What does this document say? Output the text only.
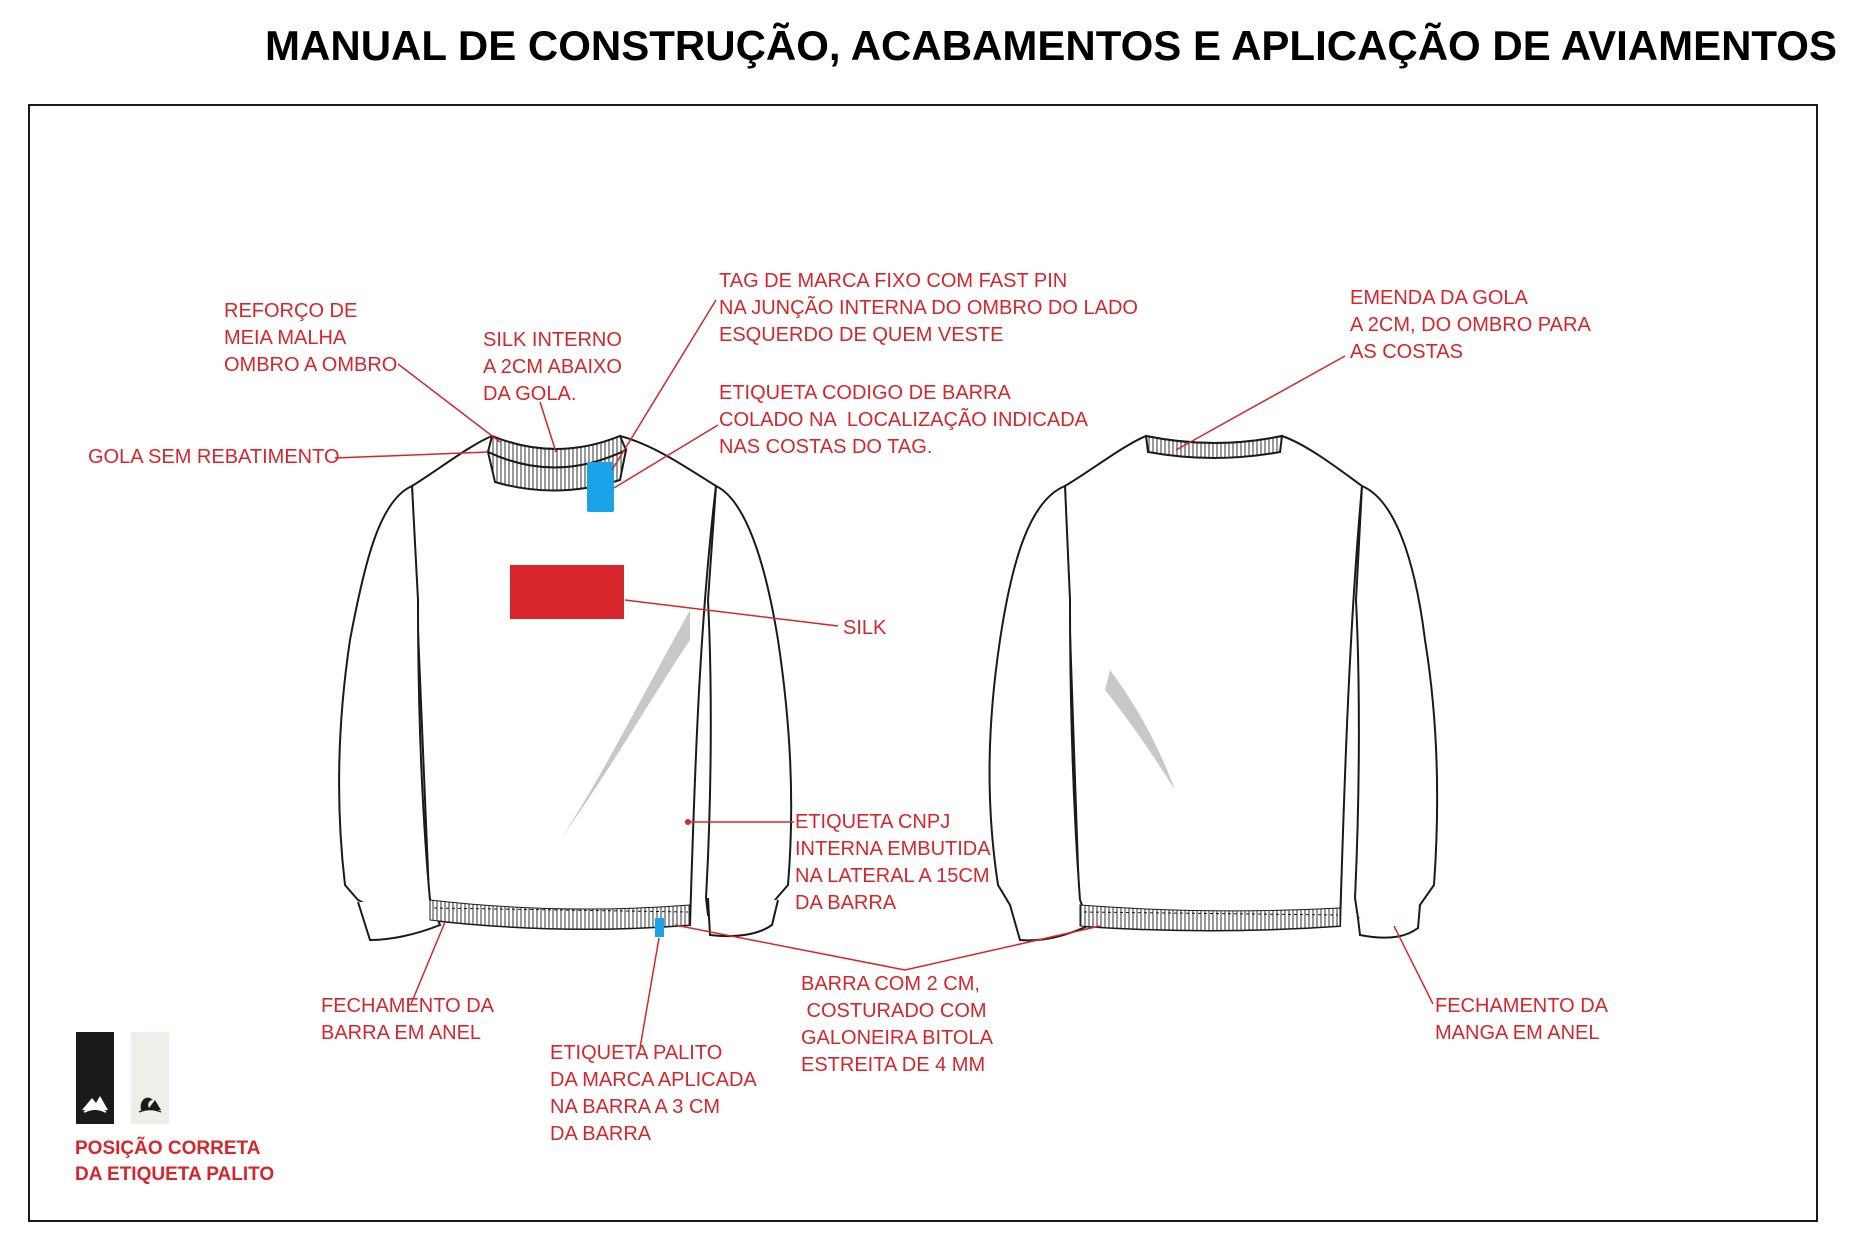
MANUAL DE CONSTRUÇÃO, ACABAMENTOS E APLICAÇÃO DE AVIAMENTOS
REFORÇO DE
MEIA MALHA
OMBRO A OMBRO
GOLA SEM REBATIMENTO
SILK INTERNO
A 2CM ABAIXO
DA GOLA.
TAG DE MARCA FIXO COM FAST PIN
NA JUNÇÃO INTERNA DO OMBRO DO LADO
ESQUERDO DE QUEM VESTE
ETIQUETA CODIGO DE BARRA
COLADO NA  LOCALIZAÇÃO INDICADA
NAS COSTAS DO TAG.
EMENDA DA GOLA
A 2CM, DO OMBRO PARA
AS COSTAS
SILK
ETIQUETA CNPJ
INTERNA EMBUTIDA
NA LATERAL A 15CM
DA BARRA
FECHAMENTO DA
BARRA EM ANEL
ETIQUETA PALITO
DA MARCA APLICADA
NA BARRA A 3 CM
DA BARRA
BARRA COM 2 CM,
COSTURADO COM
GALONEIRA BITOLA
ESTREITA DE 4 MM
FECHAMENTO DA
MANGA EM ANEL
POSIÇÃO CORRETA
DA ETIQUETA PALITO
